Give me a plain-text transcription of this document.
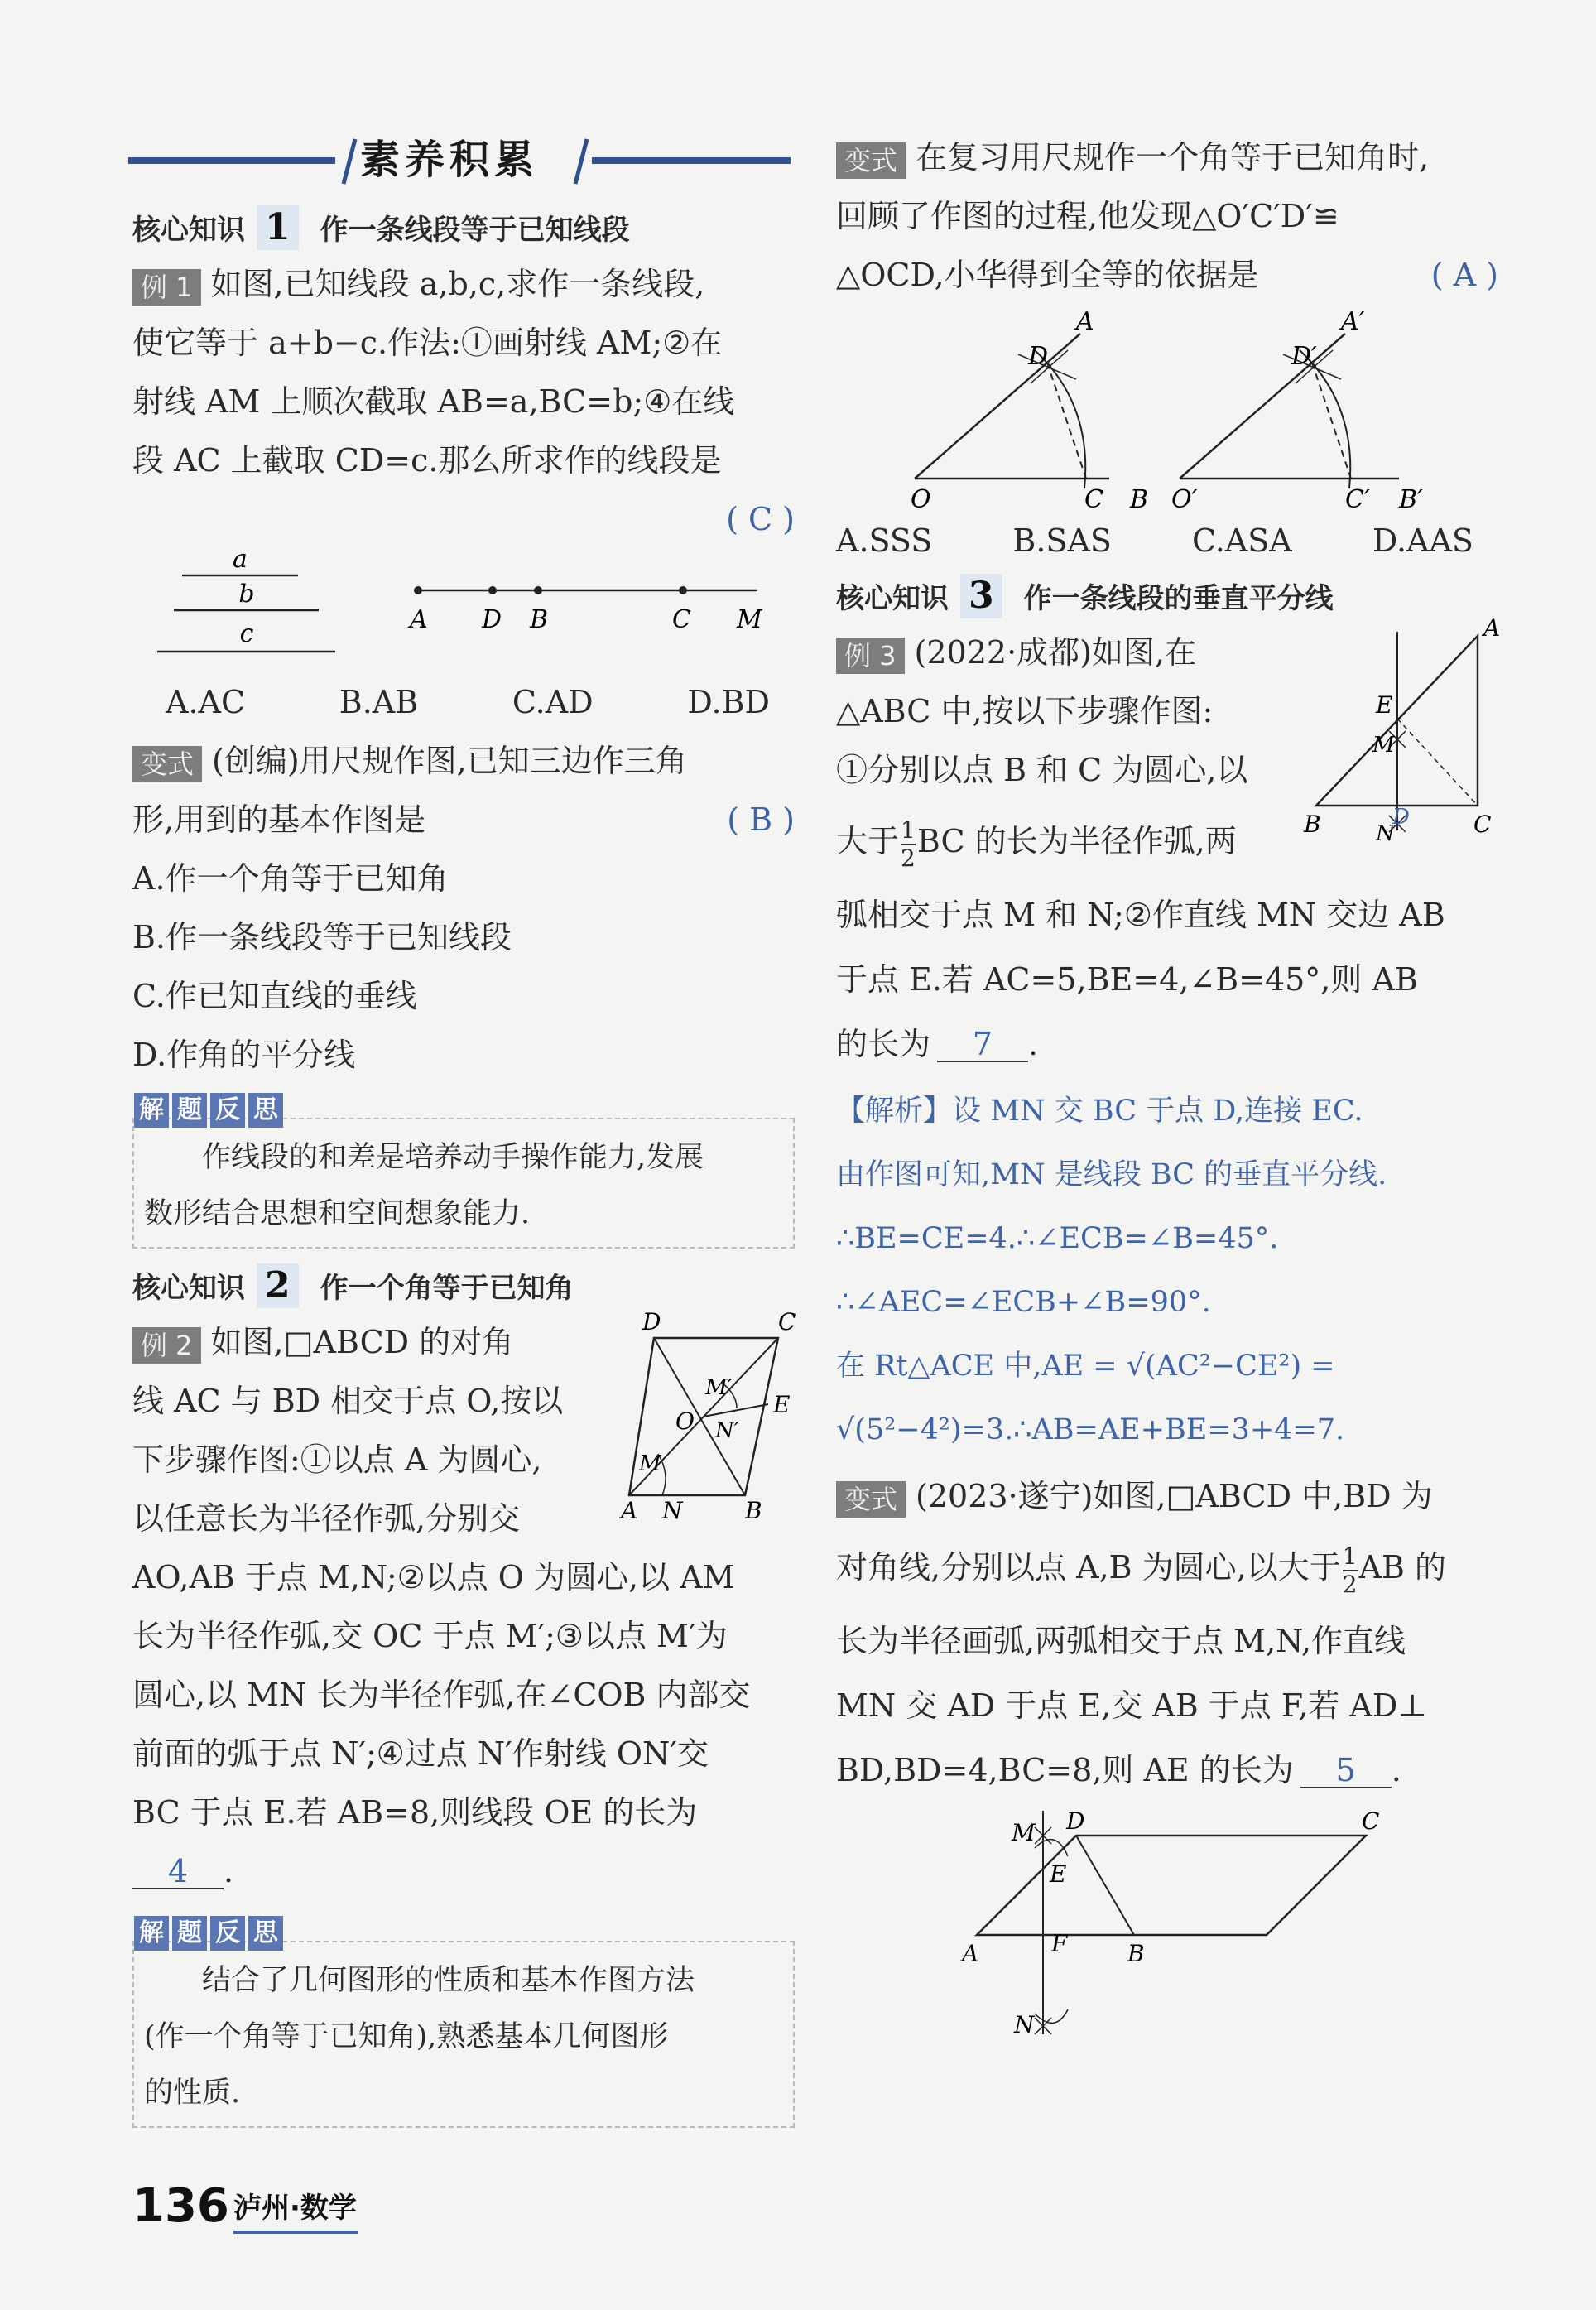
素养积累
核心知识 1 作一条线段等于已知线段

例 1 如图,已知线段 a,b,c,求作一条线段,

使它等于 a+b−c.作法:①画射线 AM;②在

射线 AM 上顺次截取 AB=a,BC=b;④在线

段 AC 上截取 CD=c.那么所求作的线段是

( C )

a
b
c	A D B	C M
A.AC	B.AB	C.AD	D.BD

变式 (创编)用尺规作图,已知三边作三角

形,用到的基本作图是	( B )

A.作一个角等于已知角

B.作一条线段等于已知线段

C.作已知直线的垂线

D.作角的平分线

解 题 反 思

作线段的和差是培养动手操作能力,发展

数形结合思想和空间想象能力.

核心知识 2 作一个角等于已知角

例 2 如图,□ABCD 的对角

线 AC 与 BD 相交于点 O,按以

下步骤作图:①以点 A 为圆心,

以任意长为半径作弧,分别交

AO,AB 于点 M,N;②以点 O 为圆心,以 AM

长为半径作弧,交 OC 于点 M′;③以点 M′为

圆心,以 MN 长为半径作弧,在∠COB 内部交

前面的弧于点 N′;④过点 N′作射线 ON′交

BC 于点 E.若 AB=8,则线段 OE 的长为

4 .

D	C
M′
E
O N′
M
A N	B
解 题 反 思

结合了几何图形的性质和基本作图方法

(作一个角等于已知角),熟悉基本几何图形

的性质.

136 泸州·数学

变式 在复习用尺规作一个角等于已知角时,

回顾了作图的过程,他发现△O′C′D′≌

△OCD,小华得到全等的依据是	( A )

A
D
O	C B
A′
D′
O′	C′ B′
A.SSS	B.SAS	C.ASA	D.AAS
核心知识 3 作一条线段的垂直平分线

例 3 (2022·成都)如图,在

△ABC 中,按以下步骤作图:

①分别以点 B 和 C 为圆心,以

大于 $\frac{1}{2}$ BC 的长为半径作弧,两

弧相交于点 M 和 N;②作直线 MN 交边 AB

于点 E.若 AC=5,BE=4,∠B=45°,则 AB

的长为 7 .

A
E
M
B	D	C
N

【解析】设 MN 交 BC 于点 D,连接 EC.

由作图可知,MN 是线段 BC 的垂直平分线.

∴BE=CE=4.∴∠ECB=∠B=45°.

∴∠AEC=∠ECB+∠B=90°.

在 Rt△ACE 中,AE = √(AC²−CE²) =

√(5²−4²)=3.∴AB=AE+BE=3+4=7.

变式 (2023·遂宁)如图,□ABCD 中,BD 为

对角线,分别以点 A,B 为圆心,以大于 $\frac{1}{2}$ AB 的

长为半径画弧,两弧相交于点 M,N,作直线

MN 交 AD 于点 E,交 AB 于点 F,若 AD⊥

BD,BD=4,BC=8,则 AE 的长为 5 .

M D	C
E
A	F	B
N
